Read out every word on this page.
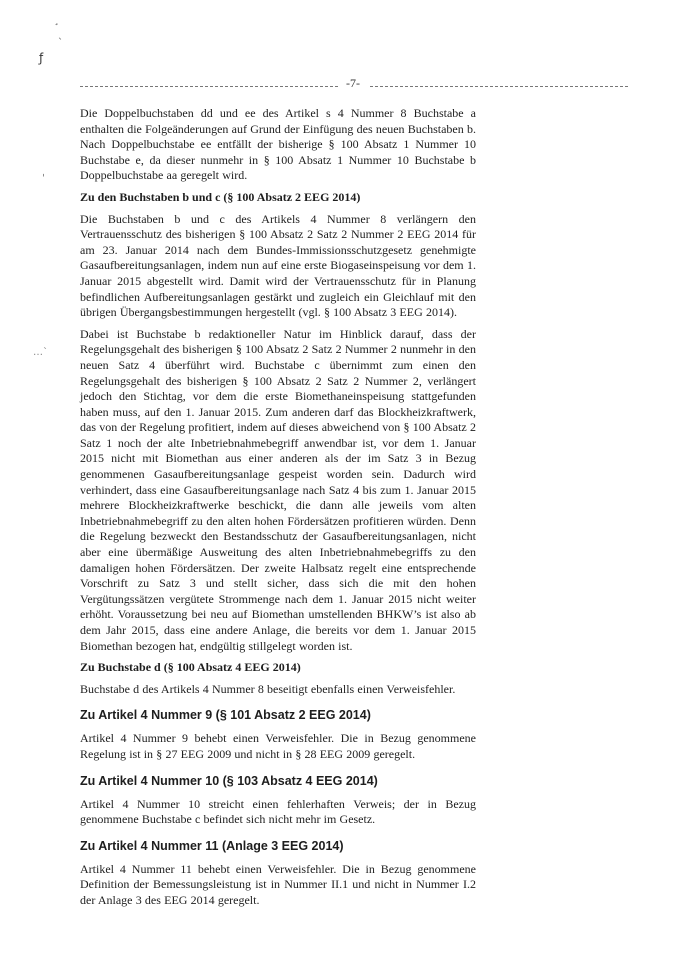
¸
ˎ
ƒ
ˌ
…ˋ
-7-

Die Doppelbuchstaben dd und ee des Artikel s 4 Nummer 8 Buchstabe a enthalten die Folgeänderungen auf Grund der Einfügung des neuen Buchstaben b. Nach Doppelbuchstabe ee entfällt der bisherige § 100 Absatz 1 Nummer 10 Buchstabe e, da dieser nunmehr in § 100 Absatz 1 Nummer 10 Buchstabe b Doppelbuchstabe aa geregelt wird.

Zu den Buchstaben b und c (§ 100 Absatz 2 EEG 2014)

Die Buchstaben b und c des Artikels 4 Nummer 8 verlängern den Vertrauensschutz des bisherigen § 100 Absatz 2 Satz 2 Nummer 2 EEG 2014 für am 23. Januar 2014 nach dem Bundes-Immissionsschutzgesetz genehmigte Gasaufbereitungsanlagen, indem nun auf eine erste Biogaseinspeisung vor dem 1. Januar 2015 abgestellt wird. Damit wird der Vertrauensschutz für in Planung befindlichen Aufbereitungsanlagen gestärkt und zugleich ein Gleichlauf mit den übrigen Übergangsbestimmungen hergestellt (vgl. § 100 Absatz 3 EEG 2014).

Dabei ist Buchstabe b redaktioneller Natur im Hinblick darauf, dass der Regelungsgehalt des bisherigen § 100 Absatz 2 Satz 2 Nummer 2 nunmehr in den neuen Satz 4 überführt wird. Buchstabe c übernimmt zum einen den Regelungsgehalt des bisherigen § 100 Absatz 2 Satz 2 Nummer 2, verlängert jedoch den Stichtag, vor dem die erste Biomethaneinspeisung stattgefunden haben muss, auf den 1. Januar 2015. Zum anderen darf das Blockheizkraftwerk, das von der Regelung profitiert, indem auf dieses abweichend von § 100 Absatz 2 Satz 1 noch der alte Inbetriebnahmebegriff anwendbar ist, vor dem 1. Januar 2015 nicht mit Biomethan aus einer anderen als der im Satz 3 in Bezug genommenen Gasaufbereitungsanlage gespeist worden sein. Dadurch wird verhindert, dass eine Gasaufbereitungsanlage nach Satz 4 bis zum 1. Januar 2015 mehrere Blockheizkraftwerke beschickt, die dann alle jeweils vom alten Inbetriebnahmebegriff zu den alten hohen Fördersätzen profitieren würden. Denn die Regelung bezweckt den Bestandsschutz der Gasaufbereitungsanlagen, nicht aber eine übermäßige Ausweitung des alten Inbetriebnahmebegriffs zu den damaligen hohen Fördersätzen. Der zweite Halbsatz regelt eine entsprechende Vorschrift zu Satz 3 und stellt sicher, dass sich die mit den hohen Vergütungssätzen vergütete Strommenge nach dem 1. Januar 2015 nicht weiter erhöht. Voraussetzung bei neu auf Biomethan umstellenden BHKW’s ist also ab dem Jahr 2015, dass eine andere Anlage, die bereits vor dem 1. Januar 2015 Biomethan bezogen hat, endgültig stillgelegt worden ist.

Zu Buchstabe d (§ 100 Absatz 4 EEG 2014)

Buchstabe d des Artikels 4 Nummer 8 beseitigt ebenfalls einen Verweisfehler.

Zu Artikel 4 Nummer 9 (§ 101 Absatz 2 EEG 2014)

Artikel 4 Nummer 9 behebt einen Verweisfehler. Die in Bezug genommene Regelung ist in § 27 EEG 2009 und nicht in § 28 EEG 2009 geregelt.

Zu Artikel 4 Nummer 10 (§ 103 Absatz 4 EEG 2014)

Artikel 4 Nummer 10 streicht einen fehlerhaften Verweis; der in Bezug genommene Buchstabe c befindet sich nicht mehr im Gesetz.

Zu Artikel 4 Nummer 11 (Anlage 3 EEG 2014)

Artikel 4 Nummer 11 behebt einen Verweisfehler. Die in Bezug genommene Definition der Bemessungsleistung ist in Nummer II.1 und nicht in Nummer I.2 der Anlage 3 des EEG 2014 geregelt.
